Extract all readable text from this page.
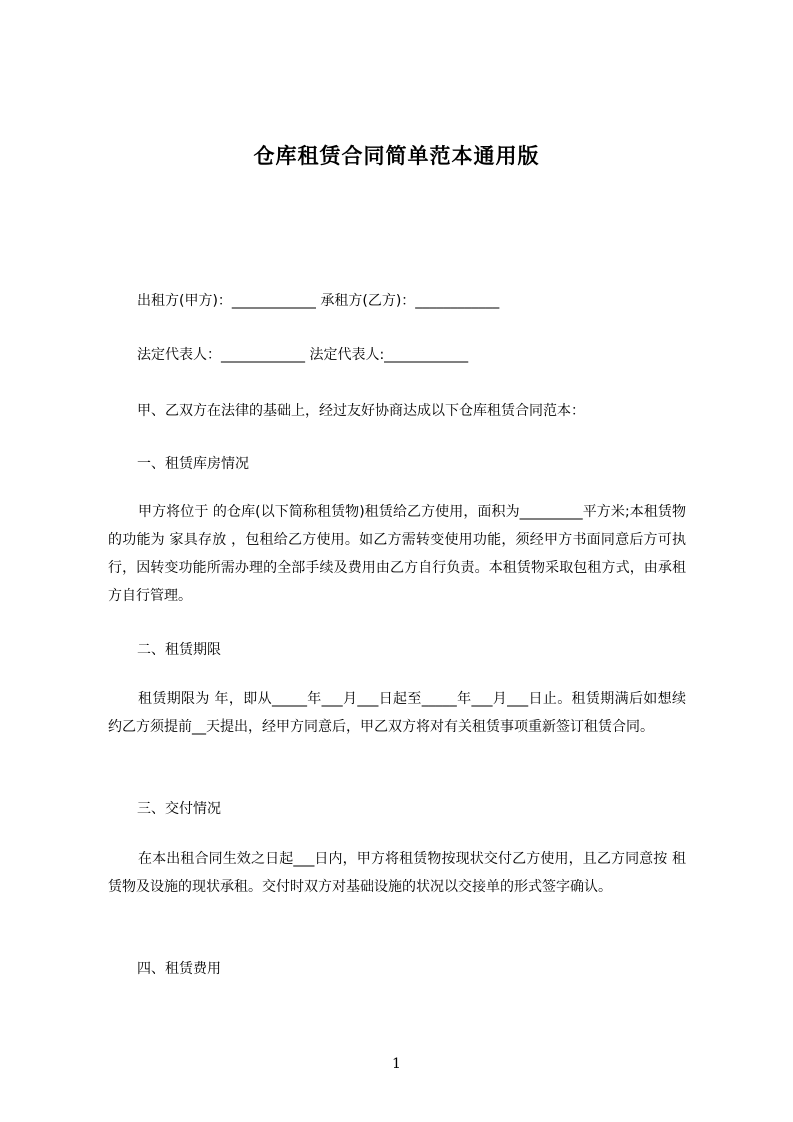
仓库租赁合同简单范本通用版
出租方(甲方)：____________ 承租方(乙方)：____________
法定代表人：____________ 法定代表人:____________
甲、乙双方在法律的基础上，经过友好协商达成以下仓库租赁合同范本：
一、租赁库房情况
甲方将位于 的仓库(以下简称租赁物)租赁给乙方使用，面积为_________平方米;本租赁物的功能为 家具存放 ，包租给乙方使用。如乙方需转变使用功能，须经甲方书面同意后方可执行，因转变功能所需办理的全部手续及费用由乙方自行负责。本租赁物采取包租方式，由承租方自行管理。
二、租赁期限
租赁期限为 年，即从_____年___月___日起至_____年___月___日止。租赁期满后如想续约乙方须提前__天提出，经甲方同意后，甲乙双方将对有关租赁事项重新签订租赁合同。
三、交付情况
在本出租合同生效之日起___日内，甲方将租赁物按现状交付乙方使用，且乙方同意按 租赁物及设施的现状承租。交付时双方对基础设施的状况以交接单的形式签字确认。
四、租赁费用
1
